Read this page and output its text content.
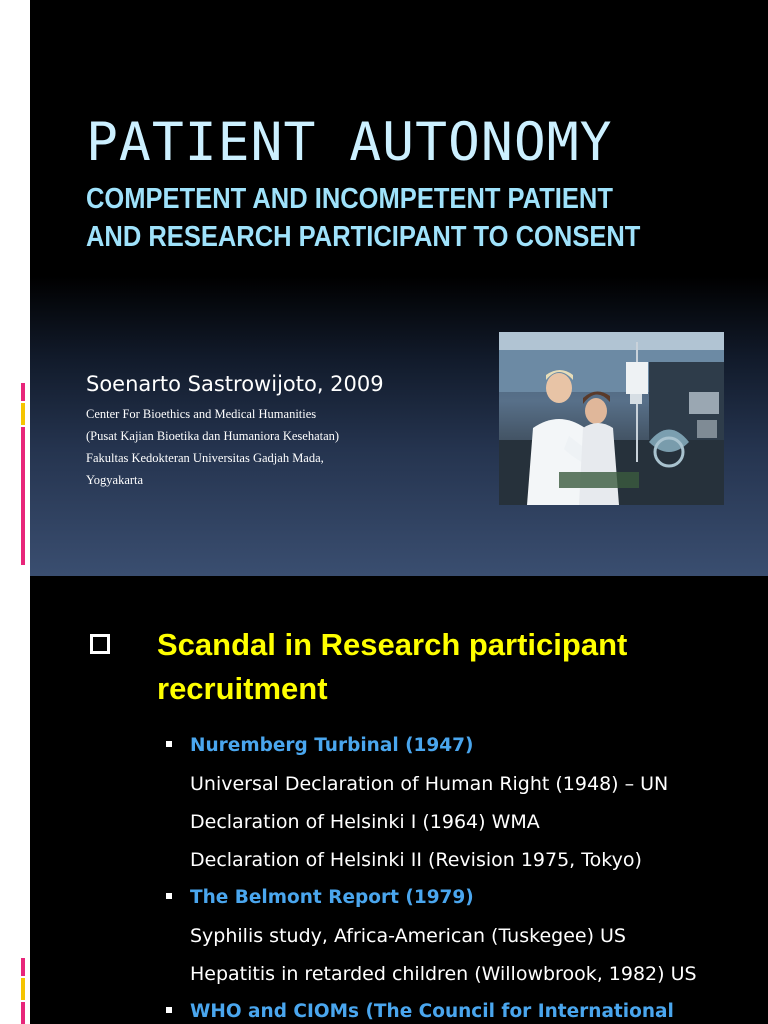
PATIENT AUTONOMY
COMPETENT AND INCOMPETENT PATIENT
AND RESEARCH PARTICIPANT TO CONSENT
Soenarto Sastrowijoto, 2009
Center For Bioethics and Medical Humanities
(Pusat Kajian Bioetika dan Humaniora Kesehatan)
Fakultas Kedokteran Universitas Gadjah Mada,
Yogyakarta
Scandal in Research participant recruitment
Nuremberg Turbinal (1947)
Universal Declaration of Human Right (1948) – UN
Declaration of Helsinki I (1964) WMA
Declaration of Helsinki II (Revision 1975, Tokyo)
The Belmont Report (1979)
Syphilis study, Africa-American (Tuskegee) US
Hepatitis in retarded children (Willowbrook, 1982) US
WHO and CIOMs (The Council for International
